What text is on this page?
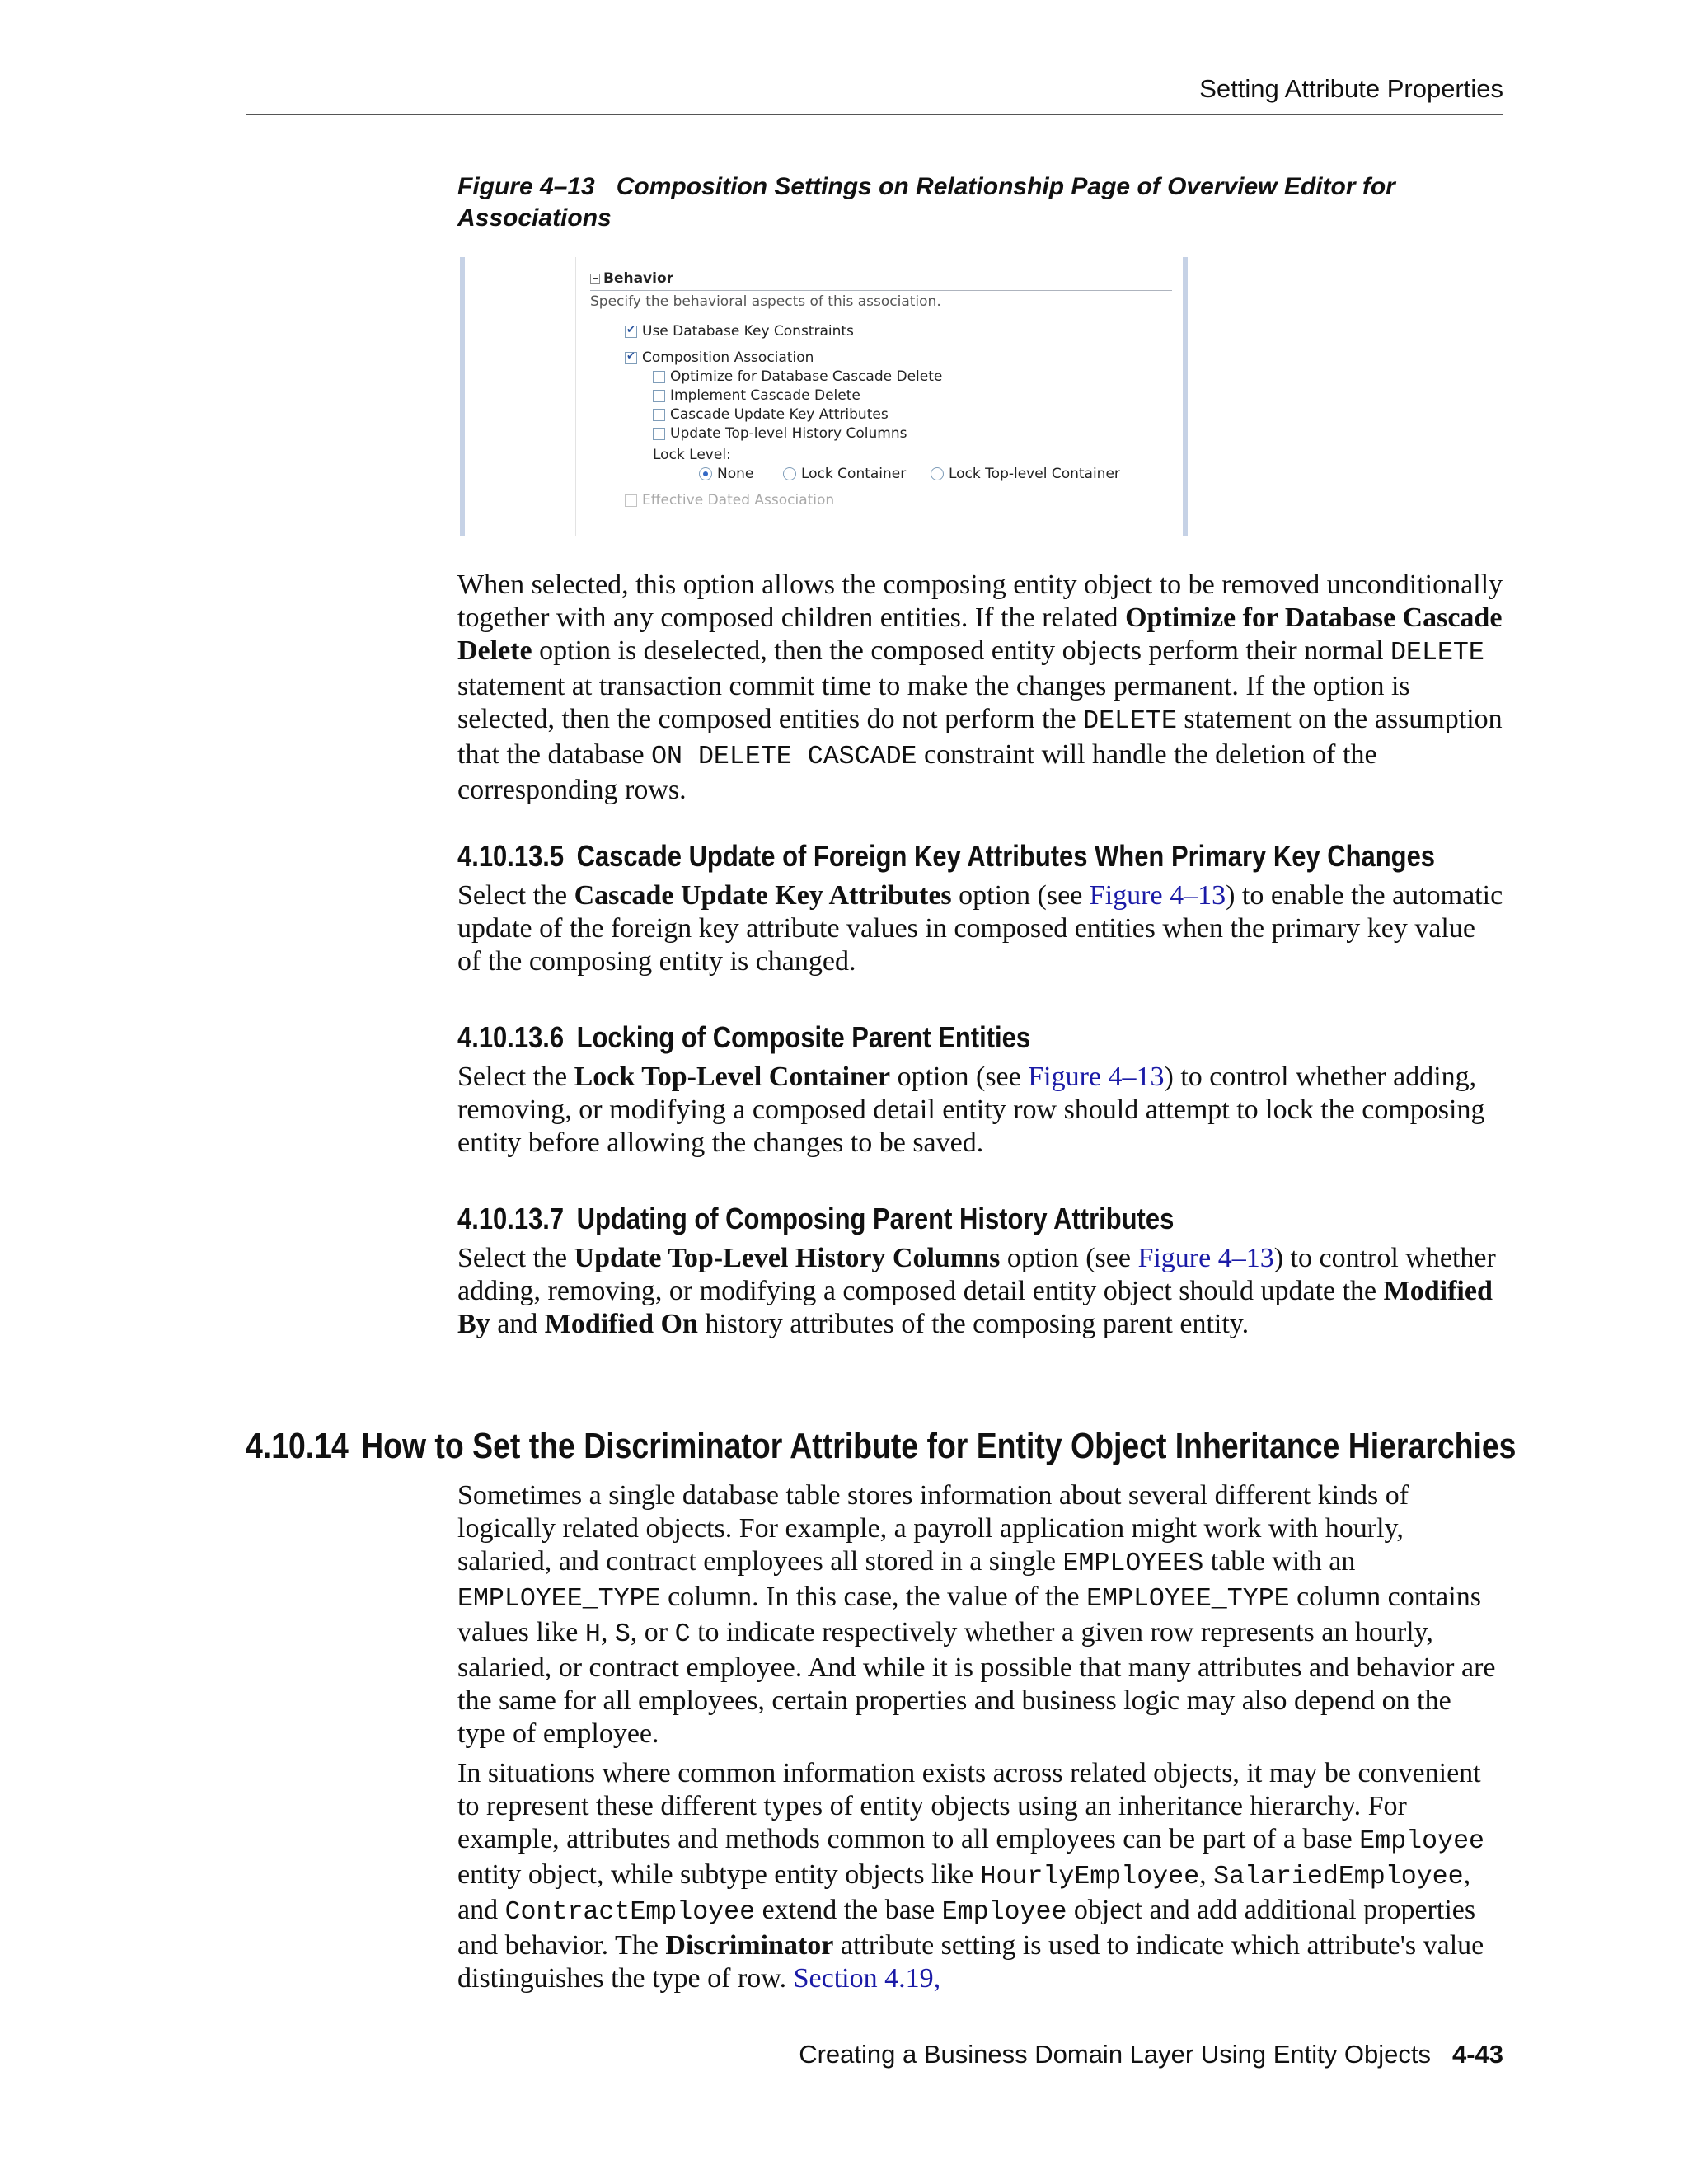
Setting Attribute Properties
Figure 4–13 Composition Settings on Relationship Page of Overview Editor for Associations
Behavior
Specify the behavioral aspects of this association.
✔Use Database Key Constraints
✔Composition Association
Optimize for Database Cascade Delete
Implement Cascade Delete
Cascade Update Key Attributes
Update Top-level History Columns
Lock Level:
None	Lock Container	Lock Top-level Container
Effective Dated Association

When selected, this option allows the composing entity object to be removed unconditionally together with any composed children entities. If the related Optimize for Database Cascade Delete option is deselected, then the composed entity objects perform their normal DELETE statement at transaction commit time to make the changes permanent. If the option is selected, then the composed entities do not perform the DELETE statement on the assumption that the database ON DELETE CASCADE constraint will handle the deletion of the corresponding rows.

4.10.13.5 Cascade Update of Foreign Key Attributes When Primary Key Changes

Select the Cascade Update Key Attributes option (see Figure 4–13) to enable the automatic update of the foreign key attribute values in composed entities when the primary key value of the composing entity is changed.

4.10.13.6 Locking of Composite Parent Entities

Select the Lock Top-Level Container option (see Figure 4–13) to control whether adding, removing, or modifying a composed detail entity row should attempt to lock the composing entity before allowing the changes to be saved.

4.10.13.7 Updating of Composing Parent History Attributes

Select the Update Top-Level History Columns option (see Figure 4–13) to control whether adding, removing, or modifying a composed detail entity object should update the Modified By and Modified On history attributes of the composing parent entity.

4.10.14 How to Set the Discriminator Attribute for Entity Object Inheritance Hierarchies

Sometimes a single database table stores information about several different kinds of logically related objects. For example, a payroll application might work with hourly, salaried, and contract employees all stored in a single EMPLOYEES table with an EMPLOYEE_TYPE column. In this case, the value of the EMPLOYEE_TYPE column contains values like H, S, or C to indicate respectively whether a given row represents an hourly, salaried, or contract employee. And while it is possible that many attributes and behavior are the same for all employees, certain properties and business logic may also depend on the type of employee.

In situations where common information exists across related objects, it may be convenient to represent these different types of entity objects using an inheritance hierarchy. For example, attributes and methods common to all employees can be part of a base Employee entity object, while subtype entity objects like HourlyEmployee, SalariedEmployee, and ContractEmployee extend the base Employee object and add additional properties and behavior. The Discriminator attribute setting is used to indicate which attribute's value distinguishes the type of row. Section 4.19,

Creating a Business Domain Layer Using Entity Objects 4-43
